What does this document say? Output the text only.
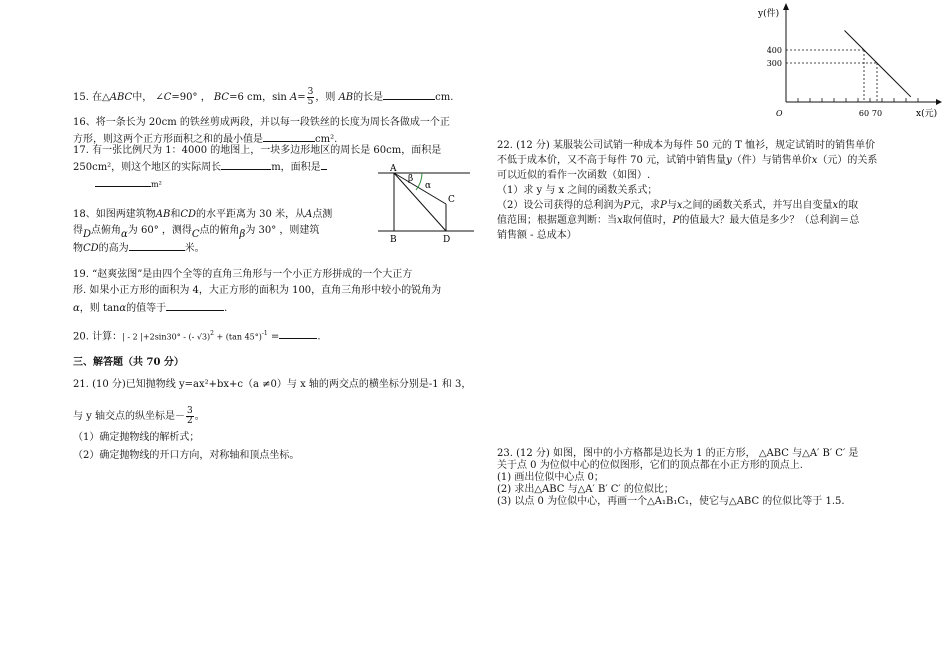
15. 在△ABC中， ∠C=90° ， BC=6 cm，$\sin A= \frac{3}{5}$ ，则 AB的长是	cm.
16、将一条长为 20cm 的铁丝剪成两段，并以每一段铁丝的长度为周长各做成一个正
方形，则这两个正方形面积之和的最小值是	cm².
17. 有一张比例尺为 1：4000 的地图上，一块多边形地区的周长是 60cm，面积是
250cm²，则这个地区的实际周长	m，面积是
m²
A
β
α
C
B	D
18、如图两建筑物AB和CD的水平距离为 30 米，从A点测
得D点俯角α为 60° ，测得C点的俯角β为 30° ，则建筑
物CD的高为	米。
19. “赵爽弦图”是由四个全等的直角三角形与一个小正方形拼成的一个大正方
形. 如果小正方形的面积为 4，大正方形的面积为 100，直角三角形中较小的锐角为
α，则 tanα的值等于	.
20. 计算：| - 2 |+2sin30° - (- √3)$^2$ + (tan 45°)$^{-1}$ =	.
三、解答题（共 70 分）
21. (10 分)已知抛物线 y=ax²+bx+c（a ≠0）与 x 轴的两交点的横坐标分别是-1 和 3，
与 y 轴交点的纵坐标是－ $\frac{3}{2}$ 。
（1）确定抛物线的解析式；
（2）确定抛物线的开口方向，对称轴和顶点坐标。
300
400
60 70
O
y(件)
x(元)
22. (12 分) 某服装公司试销一种成本为每件 50 元的 T 恤衫，规定试销时的销售单价
不低于成本价，又不高于每件 70 元，试销中销售量y（件）与销售单价x（元）的关系
可以近似的看作一次函数（如图）.
（1）求 y 与 x 之间的函数关系式；
（2）设公司获得的总利润为P元，求P与x之间的函数关系式，并写出自变量x的取
值范围；根据题意判断：当x取何值时，P的值最大？最大值是多少？（总利润＝总
销售额 - 总成本）
23. (12 分) 如图，图中的小方格都是边长为 1 的正方形， △ABC 与△A′ B′ C′ 是
关于点 0 为位似中心的位似图形，它们的顶点都在小正方形的顶点上.
(1) 画出位似中心点 0；
(2) 求出△ABC 与△A′ B′ C′ 的位似比；
(3) 以点 0 为位似中心，再画一个△A₁B₁C₁，使它与△ABC 的位似比等于 1.5.
